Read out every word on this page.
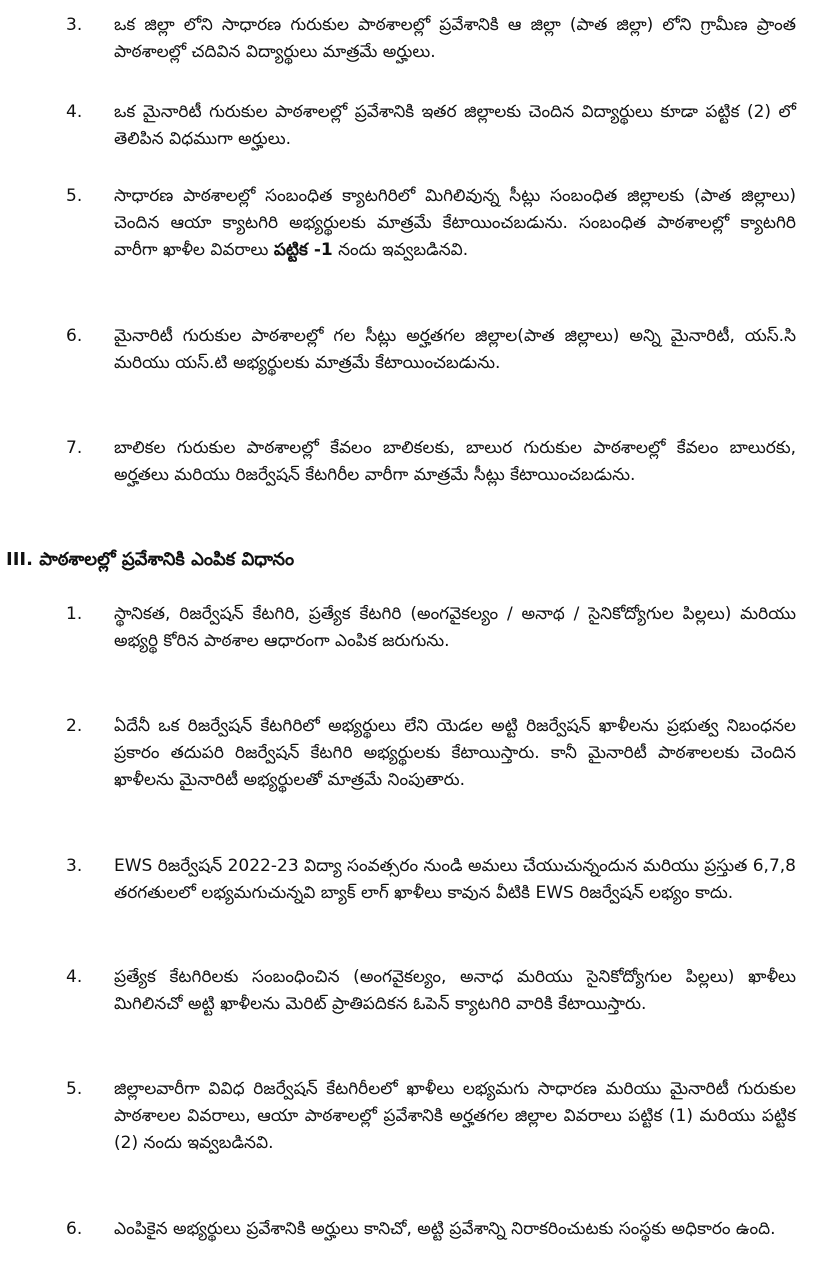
3.	ఒక జిల్లా లోని సాధారణ గురుకుల పాఠశాలల్లో ప్రవేశానికి ఆ జిల్లా (పాత జిల్లా) లోని గ్రామీణ ప్రాంత పాఠశాలల్లో చదివిన విద్యార్థులు మాత్రమే అర్హులు.
4.	ఒక మైనారిటీ గురుకుల పాఠశాలల్లో ప్రవేశానికి ఇతర జిల్లాలకు చెందిన విద్యార్థులు కూడా పట్టిక (2) లో తెలిపిన విధముగా అర్హులు.
5.	సాధారణ పాఠశాలల్లో సంబంధిత క్యాటగిరిలో మిగిలివున్న సీట్లు సంబంధిత జిల్లాలకు (పాత జిల్లాలు) చెందిన ఆయా క్యాటగిరి అభ్యర్థులకు మాత్రమే కేటాయించబడును. సంబంధిత పాఠశాలల్లో క్యాటగిరి వారీగా ఖాళీల వివరాలు పట్టిక -1 నందు ఇవ్వబడినవి.
6.	మైనారిటీ గురుకుల పాఠశాలల్లో గల సీట్లు అర్హతగల జిల్లాల(పాత జిల్లాలు) అన్ని మైనారిటీ, యస్.సి మరియు యస్.టి అభ్యర్థులకు మాత్రమే కేటాయించబడును.
7.	బాలికల గురుకుల పాఠశాలల్లో కేవలం బాలికలకు, బాలుర గురుకుల పాఠశాలల్లో కేవలం బాలురకు, అర్హతలు మరియు రిజర్వేషన్ కేటగిరీల వారీగా మాత్రమే సీట్లు కేటాయించబడును.
III. పాఠశాలల్లో ప్రవేశానికి ఎంపిక విధానం
1.	స్థానికత, రిజర్వేషన్ కేటగిరి, ప్రత్యేక కేటగిరి (అంగవైకల్యం / అనాథ / సైనికోద్యోగుల పిల్లలు) మరియు అభ్యర్థి కోరిన పాఠశాల ఆధారంగా ఎంపిక జరుగును.
2.	ఏదేనీ ఒక రిజర్వేషన్ కేటగిరిలో అభ్యర్థులు లేని యెడల అట్టి రిజర్వేషన్ ఖాళీలను ప్రభుత్వ నిబంధనల ప్రకారం తదుపరి రిజర్వేషన్ కేటగిరి అభ్యర్థులకు కేటాయిస్తారు. కానీ మైనారిటీ పాఠశాలలకు చెందిన ఖాళీలను మైనారిటీ అభ్యర్థులతో మాత్రమే నింపుతారు.
3.	EWS రిజర్వేషన్ 2022-23 విద్యా సంవత్సరం నుండి అమలు చేయుచున్నందున మరియు ప్రస్తుత 6,7,8 తరగతులలో లభ్యమగుచున్నవి బ్యాక్ లాగ్ ఖాళీలు కావున వీటికి EWS రిజర్వేషన్ లభ్యం కాదు.
4.	ప్రత్యేక కేటగిరిలకు సంబంధించిన (అంగవైకల్యం, అనాధ మరియు సైనికోద్యోగుల పిల్లలు) ఖాళీలు మిగిలినచో అట్టి ఖాళీలను మెరిట్ ప్రాతిపదికన ఓపెన్ క్యాటగిరి వారికి కేటాయిస్తారు.
5.	జిల్లాలవారీగా వివిధ రిజర్వేషన్ కేటగిరీలలో ఖాళీలు లభ్యమగు సాధారణ మరియు మైనారిటీ గురుకుల పాఠశాలల వివరాలు, ఆయా పాఠశాలల్లో ప్రవేశానికి అర్హతగల జిల్లాల వివరాలు పట్టిక (1) మరియు పట్టిక (2) నందు ఇవ్వబడినవి.
6.	ఎంపికైన అభ్యర్థులు ప్రవేశానికి అర్హులు కానిచో, అట్టి ప్రవేశాన్ని నిరాకరించుటకు సంస్థకు అధికారం ఉంది.
